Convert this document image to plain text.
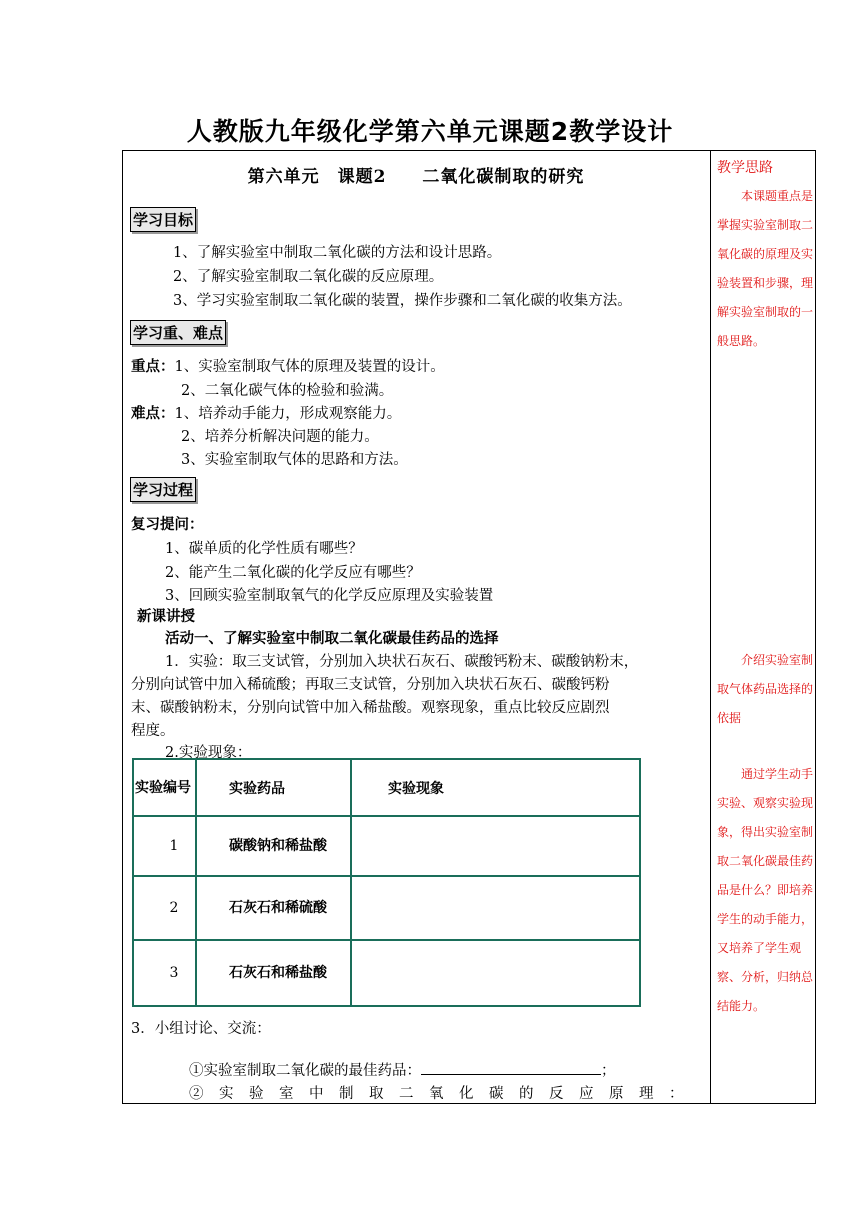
人教版九年级化学第六单元课题2教学设计
第六单元　课题2　　二氧化碳制取的研究
学习目标
1、了解实验室中制取二氧化碳的方法和设计思路。
2、了解实验室制取二氧化碳的反应原理。
3、学习实验室制取二氧化碳的装置，操作步骤和二氧化碳的收集方法。
学习重、难点
重点：1、实验室制取气体的原理及装置的设计。
2、二氧化碳气体的检验和验满。
难点：1、培养动手能力，形成观察能力。
2、培养分析解决问题的能力。
3、实验室制取气体的思路和方法。
学习过程
复习提问：
1、碳单质的化学性质有哪些？
2、能产生二氧化碳的化学反应有哪些？
3、回顾实验室制取氧气的化学反应原理及实验装置
新课讲授
活动一、了解实验室中制取二氧化碳最佳药品的选择
1．实验：取三支试管，分别加入块状石灰石、碳酸钙粉末、碳酸钠粉末，
分别向试管中加入稀硫酸；再取三支试管，分别加入块状石灰石、碳酸钙粉
末、碳酸钠粉末，分别向试管中加入稀盐酸。观察现象，重点比较反应剧烈
程度。
2.实验现象：
实验编号	实验药品	实验现象
1	碳酸钠和稀盐酸	
2	石灰石和稀硫酸	
3	石灰石和稀盐酸	
3．小组讨论、交流：
①实验室制取二氧化碳的最佳药品：	；
②实验室中制取二氧化碳的反应原理：
教学思路
本课题重点是掌握实验室制取二氧化碳的原理及实验装置和步骤，理解实验室制取的一般思路。
介绍实验室制取气体药品选择的依据
通过学生动手实验、观察实验现象，得出实验室制取二氧化碳最佳药品是什么？即培养学生的动手能力，又培养了学生观察、分析，归纳总结能力。
